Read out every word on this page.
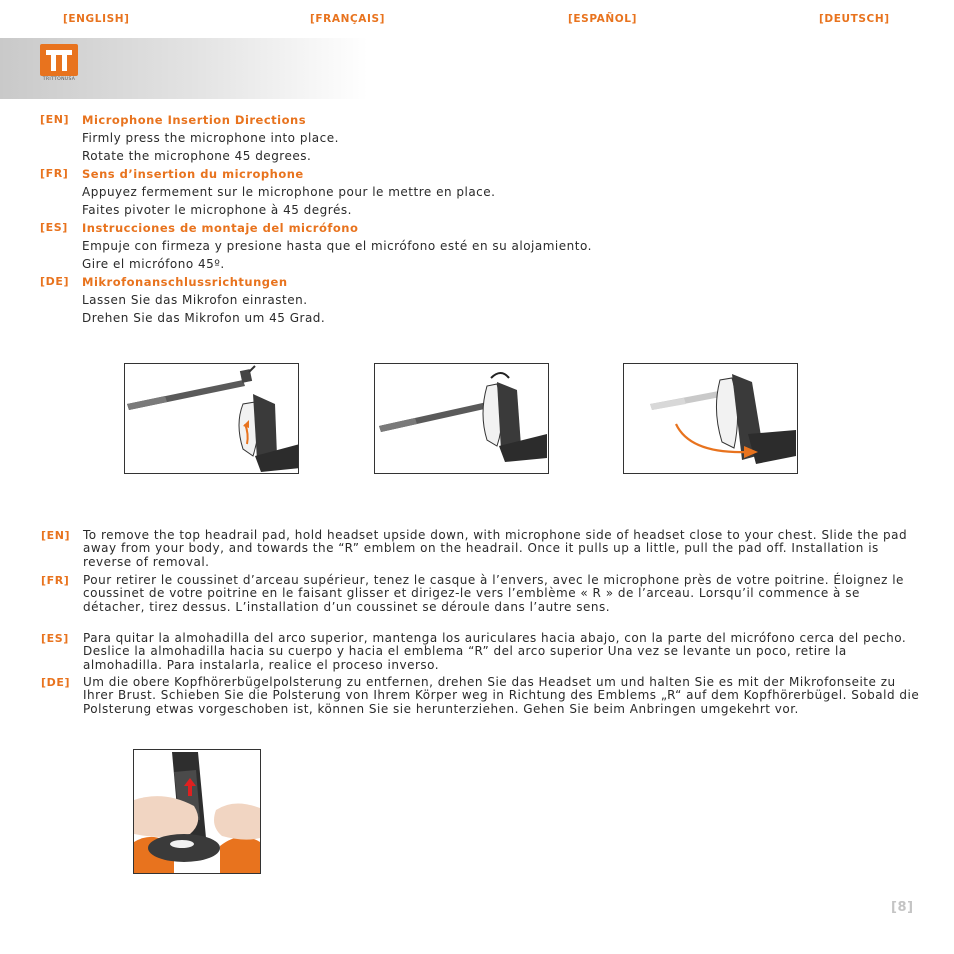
[ENGLISH]	[FRANÇAIS]	[ESPAÑOL]	[DEUTSCH]
TRITTONUSA
[EN] Microphone Insertion Directions
Firmly press the microphone into place.
Rotate the microphone 45 degrees.
[FR] Sens d’insertion du microphone
Appuyez fermement sur le microphone pour le mettre en place.
Faites pivoter le microphone à 45 degrés.
[ES] Instrucciones de montaje del micrófono
Empuje con firmeza y presione hasta que el micrófono esté en su alojamiento.
Gire el micrófono 45º.
[DE] Mikrofonanschlussrichtungen
Lassen Sie das Mikrofon einrasten.
Drehen Sie das Mikrofon um 45 Grad.
[EN] To remove the top headrail pad, hold headset upside down, with microphone side of headset close to your chest. Slide the pad away from your body, and towards the “R” emblem on the headrail. Once it pulls up a little, pull the pad off. Installation is reverse of removal.
[FR] Pour retirer le coussinet d’arceau supérieur, tenez le casque à l’envers, avec le microphone près de votre poitrine. Éloignez le coussinet de votre poitrine en le faisant glisser et dirigez-le vers l’emblème « R » de l’arceau. Lorsqu’il commence à se détacher, tirez dessus. L’installation d’un coussinet se déroule dans l’autre sens.
[ES] Para quitar la almohadilla del arco superior, mantenga los auriculares hacia abajo, con la parte del micrófono cerca del pecho. Deslice la almohadilla hacia su cuerpo y hacia el emblema “R” del arco superior Una vez se levante un poco, retire la almohadilla. Para instalarla, realice el proceso inverso.
[DE] Um die obere Kopfhörerbügelpolsterung zu entfernen, drehen Sie das Headset um und halten Sie es mit der Mikrofonseite zu Ihrer Brust. Schieben Sie die Polsterung von Ihrem Körper weg in Richtung des Emblems „R“ auf dem Kopfhörerbügel. Sobald die Polsterung etwas vorgeschoben ist, können Sie sie herunterziehen. Gehen Sie beim Anbringen umgekehrt vor.
[8]
